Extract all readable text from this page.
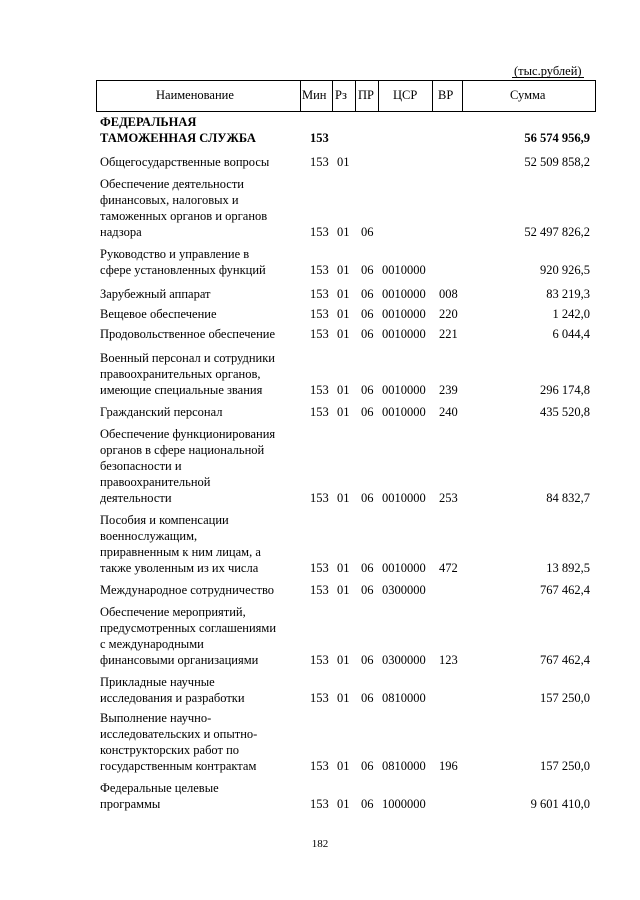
(тыс.рублей)
Наименование	Мин Рз ПР ЦСР ВР	Сумма
ФЕДЕРАЛЬНАЯ
ТАМОЖЕННАЯ СЛУЖБА	153	56 574 956,9
Общегосударственные вопросы	153 01	52 509 858,2
Обеспечение деятельности
финансовых, налоговых и
таможенных органов и органов
надзора	153 01 06	52 497 826,2
Руководство и управление в
сфере установленных функций	153 01 06 0010000	920 926,5
Зарубежный аппарат	153 01 06 0010000 008	83 219,3
Вещевое обеспечение	153 01 06 0010000 220	1 242,0
Продовольственное обеспечение	153 01 06 0010000 221	6 044,4
Военный персонал и сотрудники
правоохранительных органов,
имеющие специальные звания	153 01 06 0010000 239	296 174,8
Гражданский персонал	153 01 06 0010000 240	435 520,8
Обеспечение функционирования
органов в сфере национальной
безопасности и
правоохранительной
деятельности	153 01 06 0010000 253	84 832,7
Пособия и компенсации
военнослужащим,
приравненным к ним лицам, а
также уволенным из их числа	153 01 06 0010000 472	13 892,5
Международное сотрудничество	153 01 06 0300000	767 462,4
Обеспечение мероприятий,
предусмотренных соглашениями
с международными
финансовыми организациями	153 01 06 0300000 123	767 462,4
Прикладные научные
исследования и разработки	153 01 06 0810000	157 250,0
Выполнение научно-
исследовательских и опытно-
конструкторских работ по
государственным контрактам	153 01 06 0810000 196	157 250,0
Федеральные целевые
программы	153 01 06 1000000	9 601 410,0
182
